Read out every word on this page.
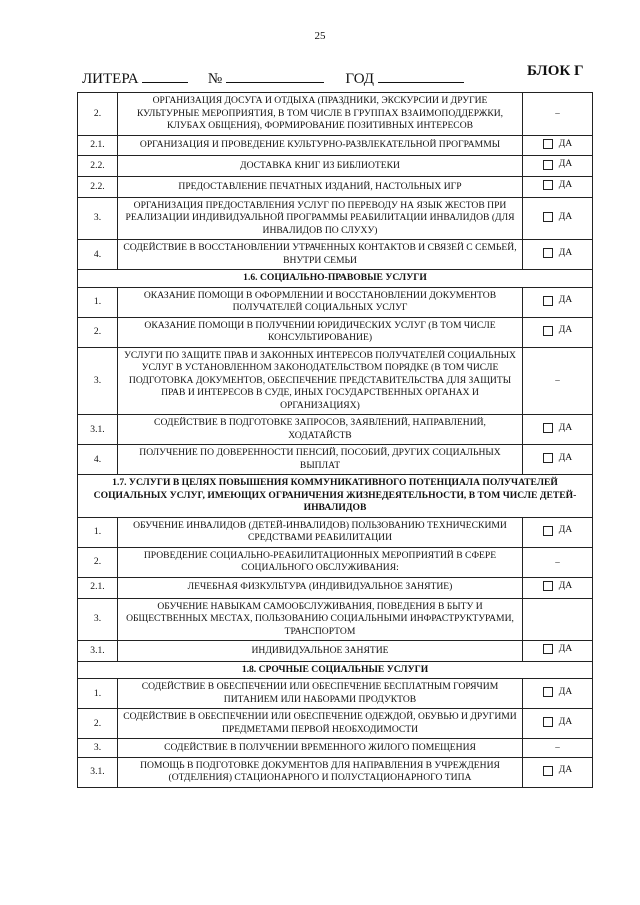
25
ЛИТЕРА	№	ГОД	БЛОК Г
2.	ОРГАНИЗАЦИЯ ДОСУГА И ОТДЫХА (ПРАЗДНИКИ, ЭКСКУРСИИ И ДРУГИЕ КУЛЬТУРНЫЕ МЕРОПРИЯТИЯ, В ТОМ ЧИСЛЕ В ГРУППАХ ВЗАИМОПОДДЕРЖКИ, КЛУБАХ ОБЩЕНИЯ), ФОРМИРОВАНИЕ ПОЗИТИВНЫХ ИНТЕРЕСОВ	–
2.1.	ОРГАНИЗАЦИЯ И ПРОВЕДЕНИЕ КУЛЬТУРНО-РАЗВЛЕКАТЕЛЬНОЙ ПРОГРАММЫ	ДА

2.2.	ДОСТАВКА КНИГ ИЗ БИБЛИОТЕКИ	ДА

2.2.	ПРЕДОСТАВЛЕНИЕ ПЕЧАТНЫХ ИЗДАНИЙ, НАСТОЛЬНЫХ ИГР	ДА

3.	ОРГАНИЗАЦИЯ ПРЕДОСТАВЛЕНИЯ УСЛУГ ПО ПЕРЕВОДУ НА ЯЗЫК ЖЕСТОВ ПРИ РЕАЛИЗАЦИИ ИНДИВИДУАЛЬНОЙ ПРОГРАММЫ РЕАБИЛИТАЦИИ ИНВАЛИДОВ (ДЛЯ ИНВАЛИДОВ ПО СЛУХУ)	ДА

4.	СОДЕЙСТВИЕ В ВОССТАНОВЛЕНИИ УТРАЧЕННЫХ КОНТАКТОВ И СВЯЗЕЙ С СЕМЬЕЙ, ВНУТРИ СЕМЬИ	ДА

1.6. СОЦИАЛЬНО-ПРАВОВЫЕ УСЛУГИ		
1.	ОКАЗАНИЕ ПОМОЩИ В ОФОРМЛЕНИИ И ВОССТАНОВЛЕНИИ ДОКУМЕНТОВ ПОЛУЧАТЕЛЕЙ СОЦИАЛЬНЫХ УСЛУГ	ДА

2.	ОКАЗАНИЕ ПОМОЩИ В ПОЛУЧЕНИИ ЮРИДИЧЕСКИХ УСЛУГ (В ТОМ ЧИСЛЕ КОНСУЛЬТИРОВАНИЕ)	ДА

3.	УСЛУГИ ПО ЗАЩИТЕ ПРАВ И ЗАКОННЫХ ИНТЕРЕСОВ ПОЛУЧАТЕЛЕЙ СОЦИАЛЬНЫХ УСЛУГ В УСТАНОВЛЕННОМ ЗАКОНОДАТЕЛЬСТВОМ ПОРЯДКЕ (В ТОМ ЧИСЛЕ ПОДГОТОВКА ДОКУМЕНТОВ, ОБЕСПЕЧЕНИЕ ПРЕДСТАВИТЕЛЬСТВА ДЛЯ ЗАЩИТЫ ПРАВ И ИНТЕРЕСОВ В СУДЕ, ИНЫХ ГОСУДАРСТВЕННЫХ ОРГАНАХ И ОРГАНИЗАЦИЯХ)	–
3.1.	СОДЕЙСТВИЕ В ПОДГОТОВКЕ ЗАПРОСОВ, ЗАЯВЛЕНИЙ, НАПРАВЛЕНИЙ, ХОДАТАЙСТВ	ДА

4.	ПОЛУЧЕНИЕ ПО ДОВЕРЕННОСТИ ПЕНСИЙ, ПОСОБИЙ, ДРУГИХ СОЦИАЛЬНЫХ ВЫПЛАТ	ДА

1.7. УСЛУГИ В ЦЕЛЯХ ПОВЫШЕНИЯ КОММУНИКАТИВНОГО ПОТЕНЦИАЛА ПОЛУЧАТЕЛЕЙ СОЦИАЛЬНЫХ УСЛУГ, ИМЕЮЩИХ ОГРАНИЧЕНИЯ ЖИЗНЕДЕЯТЕЛЬНОСТИ, В ТОМ ЧИСЛЕ ДЕТЕЙ-ИНВАЛИДОВ		
1.	ОБУЧЕНИЕ ИНВАЛИДОВ (ДЕТЕЙ-ИНВАЛИДОВ) ПОЛЬЗОВАНИЮ ТЕХНИЧЕСКИМИ СРЕДСТВАМИ РЕАБИЛИТАЦИИ	ДА

2.	ПРОВЕДЕНИЕ СОЦИАЛЬНО-РЕАБИЛИТАЦИОННЫХ МЕРОПРИЯТИЙ В СФЕРЕ СОЦИАЛЬНОГО ОБСЛУЖИВАНИЯ:	–
2.1.	ЛЕЧЕБНАЯ ФИЗКУЛЬТУРА (ИНДИВИДУАЛЬНОЕ ЗАНЯТИЕ)	ДА

3.	ОБУЧЕНИЕ НАВЫКАМ САМООБСЛУЖИВАНИЯ, ПОВЕДЕНИЯ В БЫТУ И ОБЩЕСТВЕННЫХ МЕСТАХ, ПОЛЬЗОВАНИЮ СОЦИАЛЬНЫМИ ИНФРАСТРУКТУРАМИ, ТРАНСПОРТОМ	
3.1.	ИНДИВИДУАЛЬНОЕ ЗАНЯТИЕ	ДА

1.8. СРОЧНЫЕ СОЦИАЛЬНЫЕ УСЛУГИ		
1.	СОДЕЙСТВИЕ В ОБЕСПЕЧЕНИИ ИЛИ ОБЕСПЕЧЕНИЕ БЕСПЛАТНЫМ ГОРЯЧИМ ПИТАНИЕМ ИЛИ НАБОРАМИ ПРОДУКТОВ	ДА

2.	СОДЕЙСТВИЕ В ОБЕСПЕЧЕНИИ ИЛИ ОБЕСПЕЧЕНИЕ ОДЕЖДОЙ, ОБУВЬЮ И ДРУГИМИ ПРЕДМЕТАМИ ПЕРВОЙ НЕОБХОДИМОСТИ	ДА

3.	СОДЕЙСТВИЕ В ПОЛУЧЕНИИ ВРЕМЕННОГО ЖИЛОГО ПОМЕЩЕНИЯ	–
3.1.	ПОМОЩЬ В ПОДГОТОВКЕ ДОКУМЕНТОВ ДЛЯ НАПРАВЛЕНИЯ В УЧРЕЖДЕНИЯ (ОТДЕЛЕНИЯ) СТАЦИОНАРНОГО И ПОЛУСТАЦИОНАРНОГО ТИПА	ДА
